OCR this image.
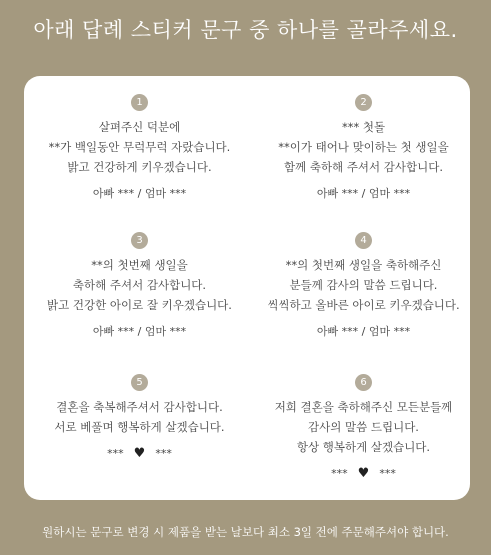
아래 답례 스티커 문구 중 하나를 골라주세요.
1
살펴주신 덕분에
**가 백일동안 무럭무럭 자랐습니다.
밝고 건강하게 키우겠습니다.
아빠 *** / 엄마 ***
2
*** 첫돌
**이가 태어나 맞이하는 첫 생일을
함께 축하해 주셔서 감사합니다.
아빠 *** / 엄마 ***
3
**의 첫번째 생일을
축하해 주셔서 감사합니다.
밝고 건강한 아이로 잘 키우겠습니다.
아빠 *** / 엄마 ***
4
**의 첫번째 생일을 축하해주신
분들께 감사의 말씀 드립니다.
씩씩하고 올바른 아이로 키우겠습니다.
아빠 *** / 엄마 ***
5
결혼을 축복해주셔서 감사합니다.
서로 베풀며 행복하게 살겠습니다.
*** ♥ ***
6
저희 결혼을 축하해주신 모든분들께
감사의 말씀 드립니다.
항상 행복하게 살겠습니다.
*** ♥ ***
원하시는 문구로 변경 시 제품을 받는 날보다 최소 3일 전에 주문해주셔야 합니다.
